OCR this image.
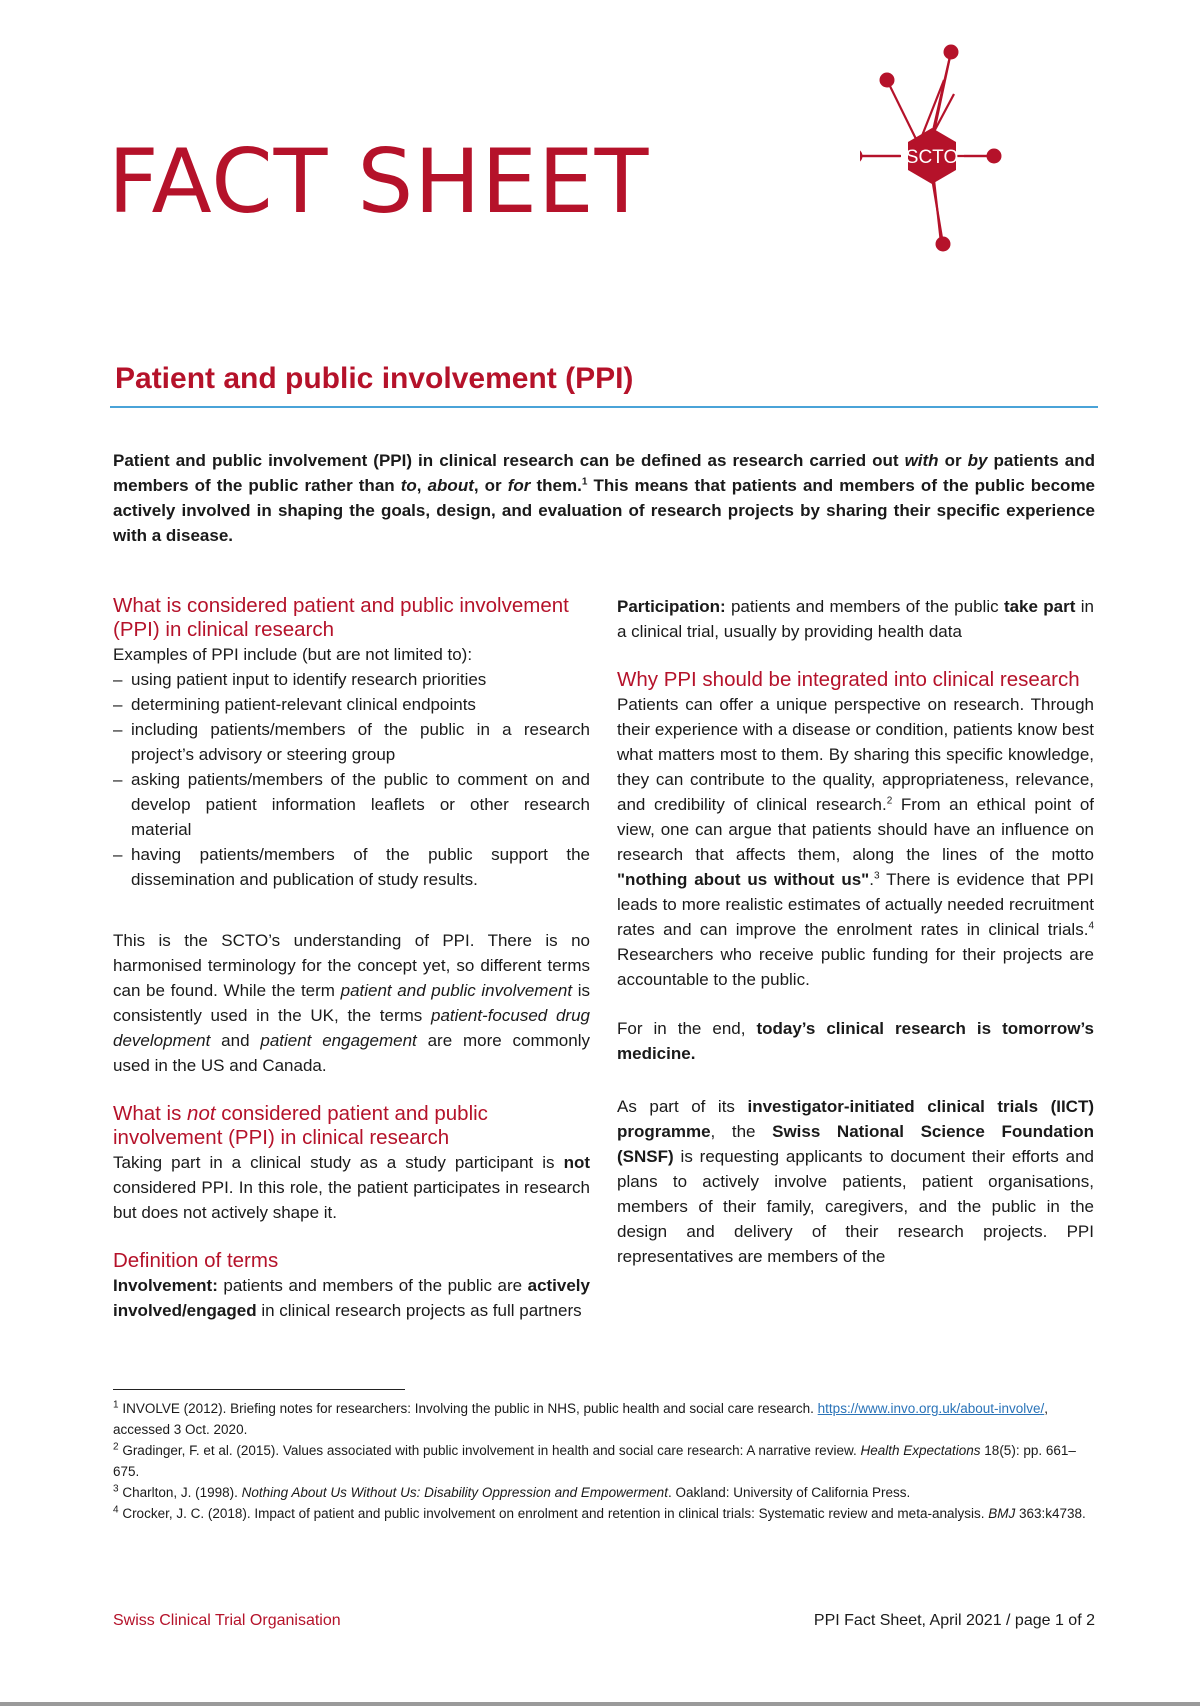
FACT SHEET	SCTO
Patient and public involvement (PPI)

Patient and public involvement (PPI) in clinical research can be defined as research carried out with or by patients and members of the public rather than to, about, or for them.$^1$ This means that patients and members of the public become actively involved in shaping the goals, design, and evaluation of research projects by sharing their specific experience with a disease.

What is considered patient and public involvement (PPI) in clinical research

Examples of PPI include (but are not limited to):

– using patient input to identify research priorities
– determining patient-relevant clinical endpoints
– including patients/members of the public in a research project’s advisory or steering group
– asking patients/members of the public to comment on and develop patient information leaflets or other research material
– having patients/members of the public support the dissemination and publication of study results.

This is the SCTO’s understanding of PPI. There is no harmonised terminology for the concept yet, so different terms can be found. While the term patient and public involvement is consistently used in the UK, the terms patient-focused drug development and patient engagement are more commonly used in the US and Canada.

What is not considered patient and public involvement (PPI) in clinical research

Taking part in a clinical study as a study participant is not considered PPI. In this role, the patient participates in research but does not actively shape it.

Definition of terms

Involvement: patients and members of the public are actively involved/engaged in clinical research projects as full partners

Participation: patients and members of the public take part in a clinical trial, usually by providing health data

Why PPI should be integrated into clinical research

Patients can offer a unique perspective on research. Through their experience with a disease or condition, patients know best what matters most to them. By sharing this specific knowledge, they can contribute to the quality, appropriateness, relevance, and credibility of clinical research.$^2$ From an ethical point of view, one can argue that patients should have an influence on research that affects them, along the lines of the motto "nothing about us without us".$^3$ There is evidence that PPI leads to more realistic estimates of actually needed recruitment rates and can improve the enrolment rates in clinical trials.$^4$ Researchers who receive public funding for their projects are accountable to the public.

For in the end, today’s clinical research is tomorrow’s medicine.

As part of its investigator-initiated clinical trials (IICT) programme, the Swiss National Science Foundation (SNSF) is requesting applicants to document their efforts and plans to actively involve patients, patient organisations, members of their family, caregivers, and the public in the design and delivery of their research projects. PPI representatives are members of the

$^1$ INVOLVE (2012). Briefing notes for researchers: Involving the public in NHS, public health and social care research. https://www.invo.org.uk/about-involve/, accessed 3 Oct. 2020.

$^2$ Gradinger, F. et al. (2015). Values associated with public involvement in health and social care research: A narrative review. Health Expectations 18(5): pp. 661–675.

$^3$ Charlton, J. (1998). Nothing About Us Without Us: Disability Oppression and Empowerment. Oakland: University of California Press.

$^4$ Crocker, J. C. (2018). Impact of patient and public involvement on enrolment and retention in clinical trials: Systematic review and meta-analysis. BMJ 363:k4738.

Swiss Clinical Trial Organisation	PPI Fact Sheet, April 2021 / page 1 of 2
